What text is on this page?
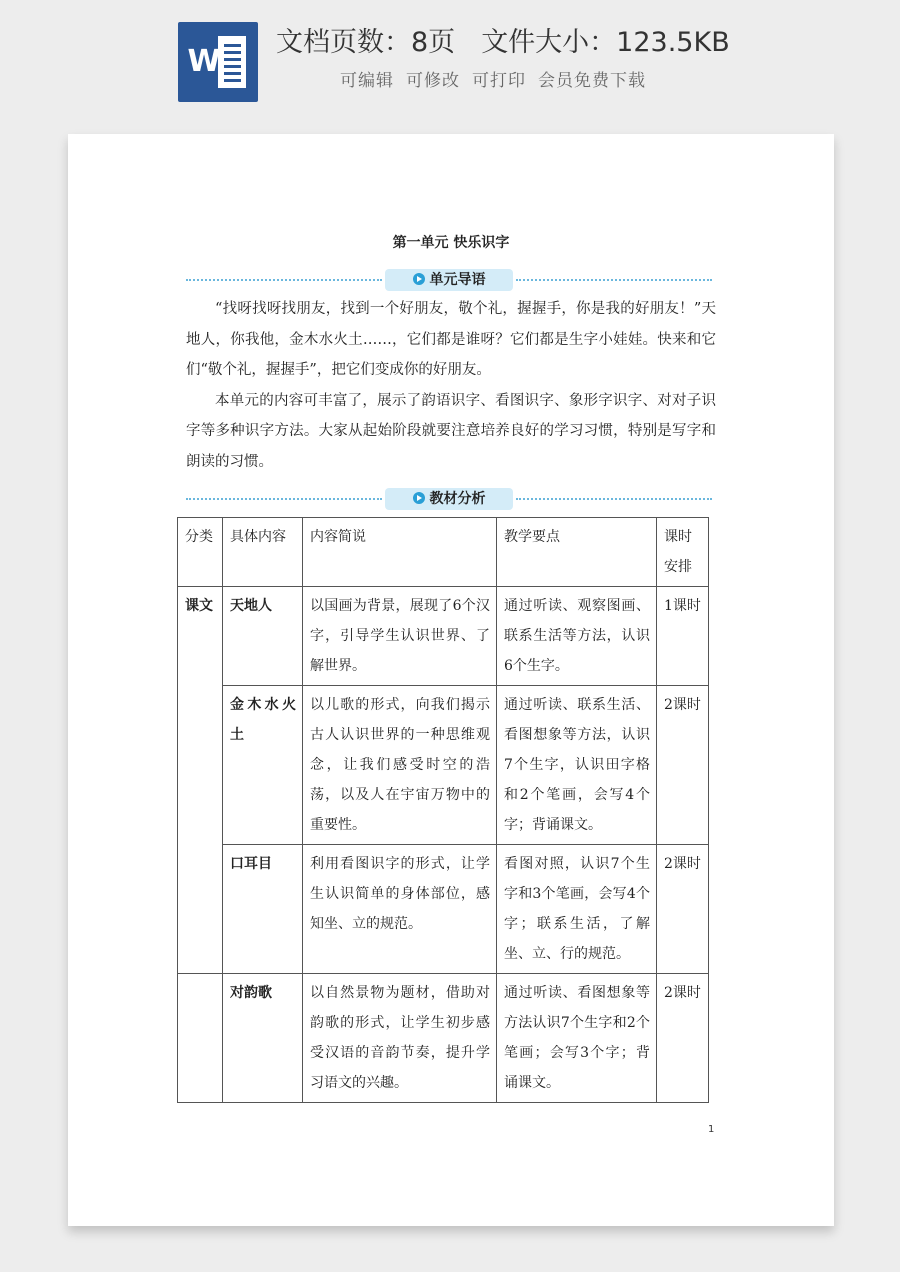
W
文档页数：8页 文件大小：123.5KB
可编辑 可修改 可打印 会员免费下载
第一单元 快乐识字
单元导语

“找呀找呀找朋友，找到一个好朋友，敬个礼，握握手，你是我的好朋友！”天地人，你我他，金木水火土……，它们都是谁呀？它们都是生字小娃娃。快来和它们“敬个礼，握握手”，把它们变成你的好朋友。

本单元的内容可丰富了，展示了韵语识字、看图识字、象形字识字、对对子识字等多种识字方法。大家从起始阶段就要注意培养良好的学习习惯，特别是写字和朗读的习惯。

教材分析
分类	具体内容	内容简说	教学要点	课时安排
课文	天地人	以国画为背景，展现了6个汉字，引导学生认识世界、了解世界。	通过听读、观察图画、联系生活等方法，认识6个生字。	1课时
	金木水火土	以儿歌的形式，向我们揭示古人认识世界的一种思维观念，让我们感受时空的浩荡，以及人在宇宙万物中的重要性。	通过听读、联系生活、看图想象等方法，认识7个生字，认识田字格和2个笔画，会写4个字；背诵课文。	2课时
	口耳目	利用看图识字的形式，让学生认识简单的身体部位，感知坐、立的规范。	看图对照，认识7个生字和3个笔画，会写4个字；联系生活，了解坐、立、行的规范。	2课时
	对韵歌	以自然景物为题材，借助对韵歌的形式，让学生初步感受汉语的音韵节奏，提升学习语文的兴趣。	通过听读、看图想象等方法认识7个生字和2个笔画；会写3个字；背诵课文。	2课时
1
